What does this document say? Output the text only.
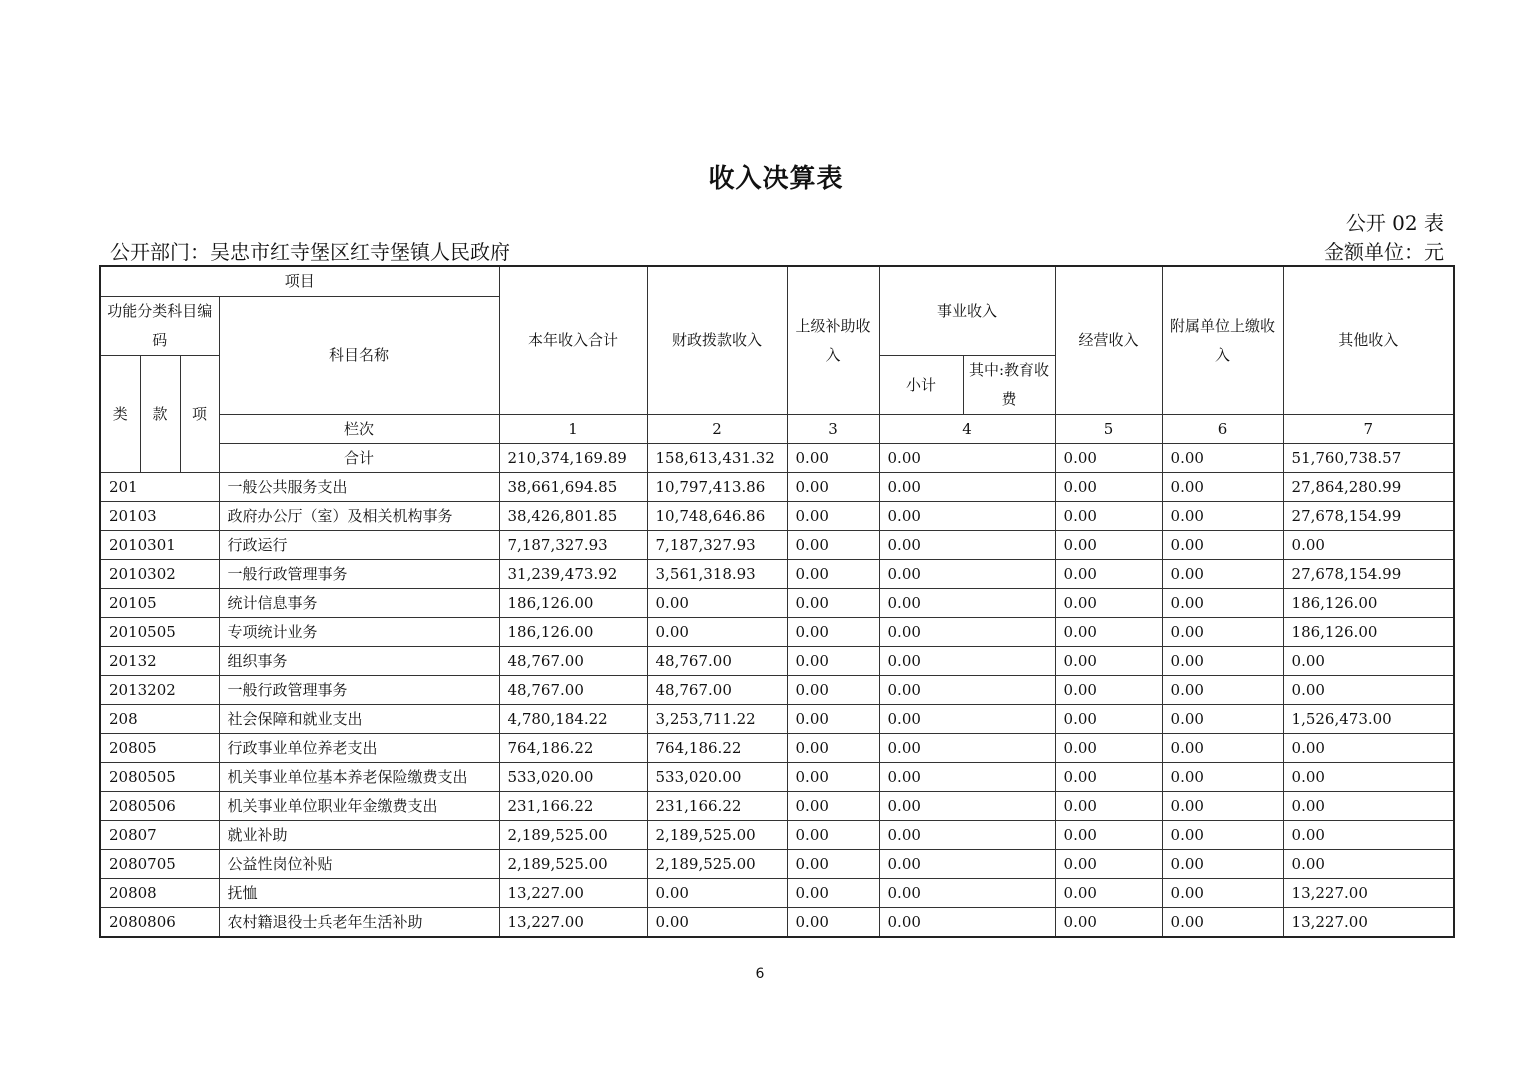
收入决算表
公开 02 表
公开部门：吴忠市红寺堡区红寺堡镇人民政府	金额单位：元
项目				本年收入合计	财政拨款收入	上级补助收入	事业收入		经营收入	附属单位上缴收入	其他收入
功能分类科目编码			科目名称								

类	款	项					小计	其中:教育收费			

			栏次	1	2	3	4		5	6	7
			合计	210,374,169.89	158,613,431.32	0.00	0.00		0.00	0.00	51,760,738.57
201			一般公共服务支出	38,661,694.85	10,797,413.86	0.00	0.00		0.00	0.00	27,864,280.99
20103			政府办公厅（室）及相关机构事务	38,426,801.85	10,748,646.86	0.00	0.00		0.00	0.00	27,678,154.99
2010301			行政运行	7,187,327.93	7,187,327.93	0.00	0.00		0.00	0.00	0.00
2010302			一般行政管理事务	31,239,473.92	3,561,318.93	0.00	0.00		0.00	0.00	27,678,154.99
20105			统计信息事务	186,126.00	0.00	0.00	0.00		0.00	0.00	186,126.00
2010505			专项统计业务	186,126.00	0.00	0.00	0.00		0.00	0.00	186,126.00
20132			组织事务	48,767.00	48,767.00	0.00	0.00		0.00	0.00	0.00
2013202			一般行政管理事务	48,767.00	48,767.00	0.00	0.00		0.00	0.00	0.00
208			社会保障和就业支出	4,780,184.22	3,253,711.22	0.00	0.00		0.00	0.00	1,526,473.00
20805			行政事业单位养老支出	764,186.22	764,186.22	0.00	0.00		0.00	0.00	0.00
2080505			机关事业单位基本养老保险缴费支出	533,020.00	533,020.00	0.00	0.00		0.00	0.00	0.00
2080506			机关事业单位职业年金缴费支出	231,166.22	231,166.22	0.00	0.00		0.00	0.00	0.00
20807			就业补助	2,189,525.00	2,189,525.00	0.00	0.00		0.00	0.00	0.00
2080705			公益性岗位补贴	2,189,525.00	2,189,525.00	0.00	0.00		0.00	0.00	0.00
20808			抚恤	13,227.00	0.00	0.00	0.00		0.00	0.00	13,227.00
2080806			农村籍退役士兵老年生活补助	13,227.00	0.00	0.00	0.00		0.00	0.00	13,227.00
6
